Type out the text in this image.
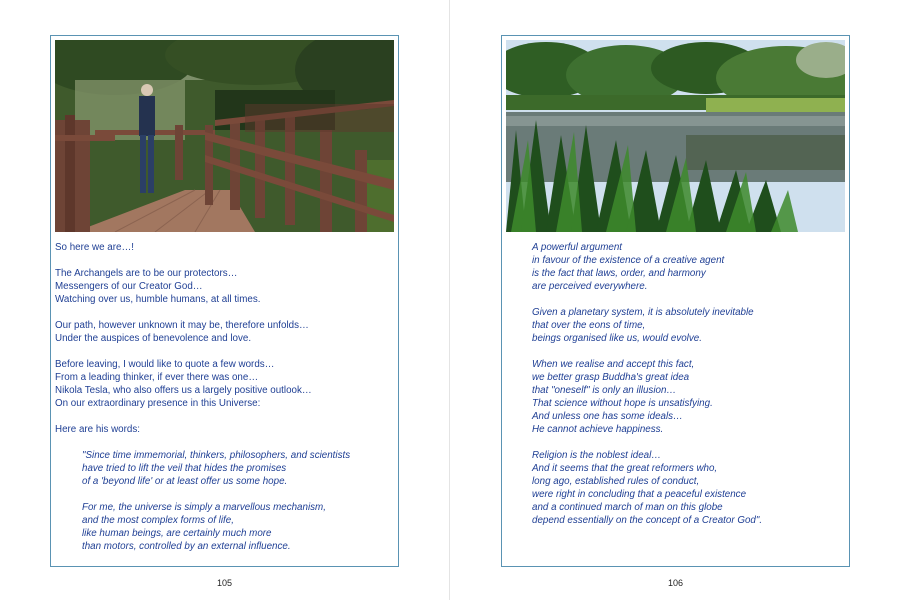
So here we are…!
The Archangels are to be our protectors…
Messengers of our Creator God…
Watching over us, humble humans, at all times.
Our path, however unknown it may be, therefore unfolds…
Under the auspices of benevolence and love.
Before leaving, I would like to quote a few words…
From a leading thinker, if ever there was one…
Nikola Tesla, who also offers us a largely positive outlook…
On our extraordinary presence in this Universe:
Here are his words:
"Since time immemorial, thinkers, philosophers, and scientists
have tried to lift the veil that hides the promises
of a 'beyond life' or at least offer us some hope.
For me, the universe is simply a marvellous mechanism,
and the most complex forms of life,
like human beings, are certainly much more
than motors, controlled by an external influence.
105
A powerful argument
in favour of the existence of a creative agent
is the fact that laws, order, and harmony
are perceived everywhere.
Given a planetary system, it is absolutely inevitable
that over the eons of time,
beings organised like us, would evolve.
When we realise and accept this fact,
we better grasp Buddha's great idea
that "oneself" is only an illusion…
That science without hope is unsatisfying.
And unless one has some ideals…
He cannot achieve happiness.
Religion is the noblest ideal…
And it seems that the great reformers who,
long ago, established rules of conduct,
were right in concluding that a peaceful existence
and a continued march of man on this globe
depend essentially on the concept of a Creator God".
106
